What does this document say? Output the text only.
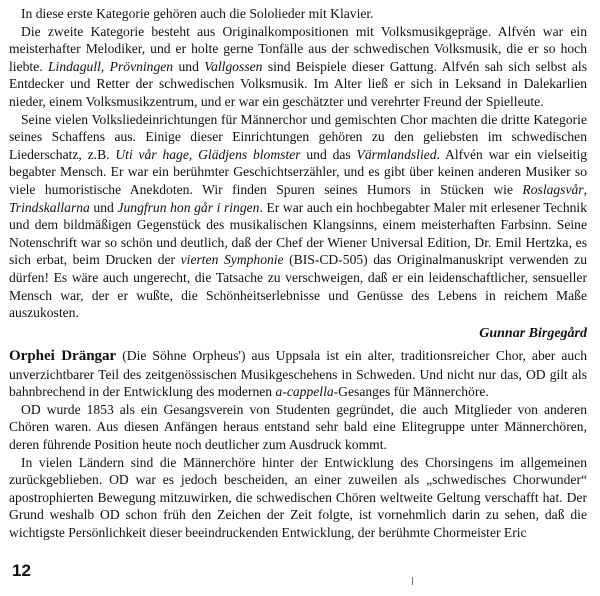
In diese erste Kategorie gehören auch die Sololieder mit Klavier.

Die zweite Kategorie besteht aus Originalkompositionen mit Volksmusikgepräge. Alfvén war ein meisterhafter Melodiker, und er holte gerne Tonfälle aus der schwedischen Volksmusik, die er so hoch liebte. Lindagull, Prövningen und Vallgossen sind Beispiele dieser Gattung. Alfvén sah sich selbst als Entdecker und Retter der schwedischen Volksmusik. Im Alter ließ er sich in Leksand in Dalekarlien nieder, einem Volksmusikzentrum, und er war ein geschätzter und verehrter Freund der Spielleute.

Seine vielen Volksliedeinrichtungen für Männerchor und gemischten Chor machten die dritte Kategorie seines Schaffens aus. Einige dieser Einrichtungen gehören zu den geliebsten im schwedischen Liederschatz, z.B. Uti vår hage, Glädjens blomster und das Värmlandslied. Alfvén war ein vielseitig begabter Mensch. Er war ein berühmter Geschichtserzähler, und es gibt über keinen anderen Musiker so viele humoristische Anekdoten. Wir finden Spuren seines Humors in Stücken wie Roslagsvår, Trindskallarna und Jungfrun hon går i ringen. Er war auch ein hochbegabter Maler mit erlesener Technik und dem bildmäßigen Gegenstück des musikalischen Klangsinns, einem meisterhaften Farbsinn. Seine Notenschrift war so schön und deutlich, daß der Chef der Wiener Universal Edition, Dr. Emil Hertzka, es sich erbat, beim Drucken der vierten Symphonie (BIS-CD-505) das Originalmanuskript verwenden zu dürfen! Es wäre auch ungerecht, die Tatsache zu verschweigen, daß er ein leidenschaftlicher, sensueller Mensch war, der er wußte, die Schönheitserlebnisse und Genüsse des Lebens in reichem Maße auszukosten.

Gunnar Birgegård

Orphei Drängar (Die Söhne Orpheus') aus Uppsala ist ein alter, traditionsreicher Chor, aber auch unverzichtbarer Teil des zeitgenössischen Musikgeschehens in Schweden. Und nicht nur das, OD gilt als bahnbrechend in der Entwicklung des modernen a-cappella-Gesanges für Männerchöre.

OD wurde 1853 als ein Gesangsverein von Studenten gegründet, die auch Mitglieder von anderen Chören waren. Aus diesen Anfängen heraus entstand sehr bald eine Elitegruppe unter Männerchören, deren führende Position heute noch deutlicher zum Ausdruck kommt.

In vielen Ländern sind die Männerchöre hinter der Entwicklung des Chorsingens im allgemeinen zurückgeblieben. OD war es jedoch bescheiden, an einer zuweilen als „schwedisches Chorwunder“ apostrophierten Bewegung mitzuwirken, die schwedischen Chören weltweite Geltung verschafft hat. Der Grund weshalb OD schon früh den Zeichen der Zeit folgte, ist vornehmlich darin zu sehen, daß die wichtigste Persönlichkeit dieser beeindruckenden Entwicklung, der berühmte Chormeister Eric

12
